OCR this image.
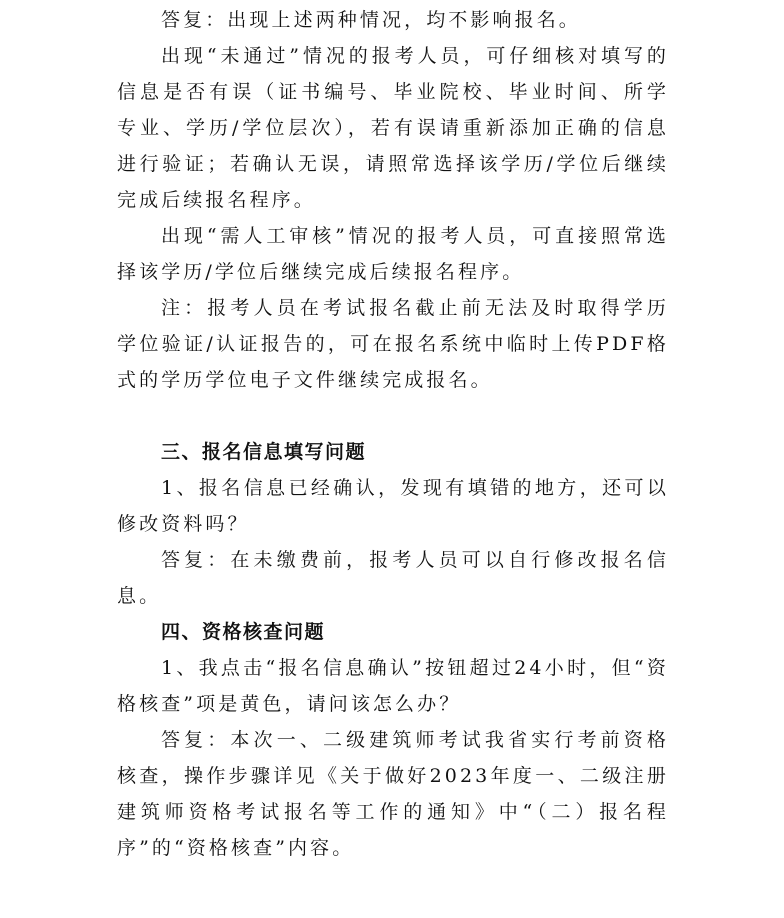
答复：出现上述两种情况，均不影响报名。

出现“未通过”情况的报考人员，可仔细核对填写的信息是否有误（证书编号、毕业院校、毕业时间、所学专业、学历/学位层次），若有误请重新添加正确的信息进行验证；若确认无误，请照常选择该学历/学位后继续完成后续报名程序。

出现“需人工审核”情况的报考人员，可直接照常选择该学历/学位后继续完成后续报名程序。

注：报考人员在考试报名截止前无法及时取得学历学位验证/认证报告的，可在报名系统中临时上传PDF格式的学历学位电子文件继续完成报名。

三、报名信息填写问题

1、报名信息已经确认，发现有填错的地方，还可以修改资料吗？

答复：在未缴费前，报考人员可以自行修改报名信息。

四、资格核查问题

1、我点击“报名信息确认”按钮超过24小时，但“资格核查”项是黄色，请问该怎么办？

答复：本次一、二级建筑师考试我省实行考前资格核查，操作步骤详见《关于做好2023年度一、二级注册建筑师资格考试报名等工作的通知》中“（二）报名程序”的“资格核查”内容。
